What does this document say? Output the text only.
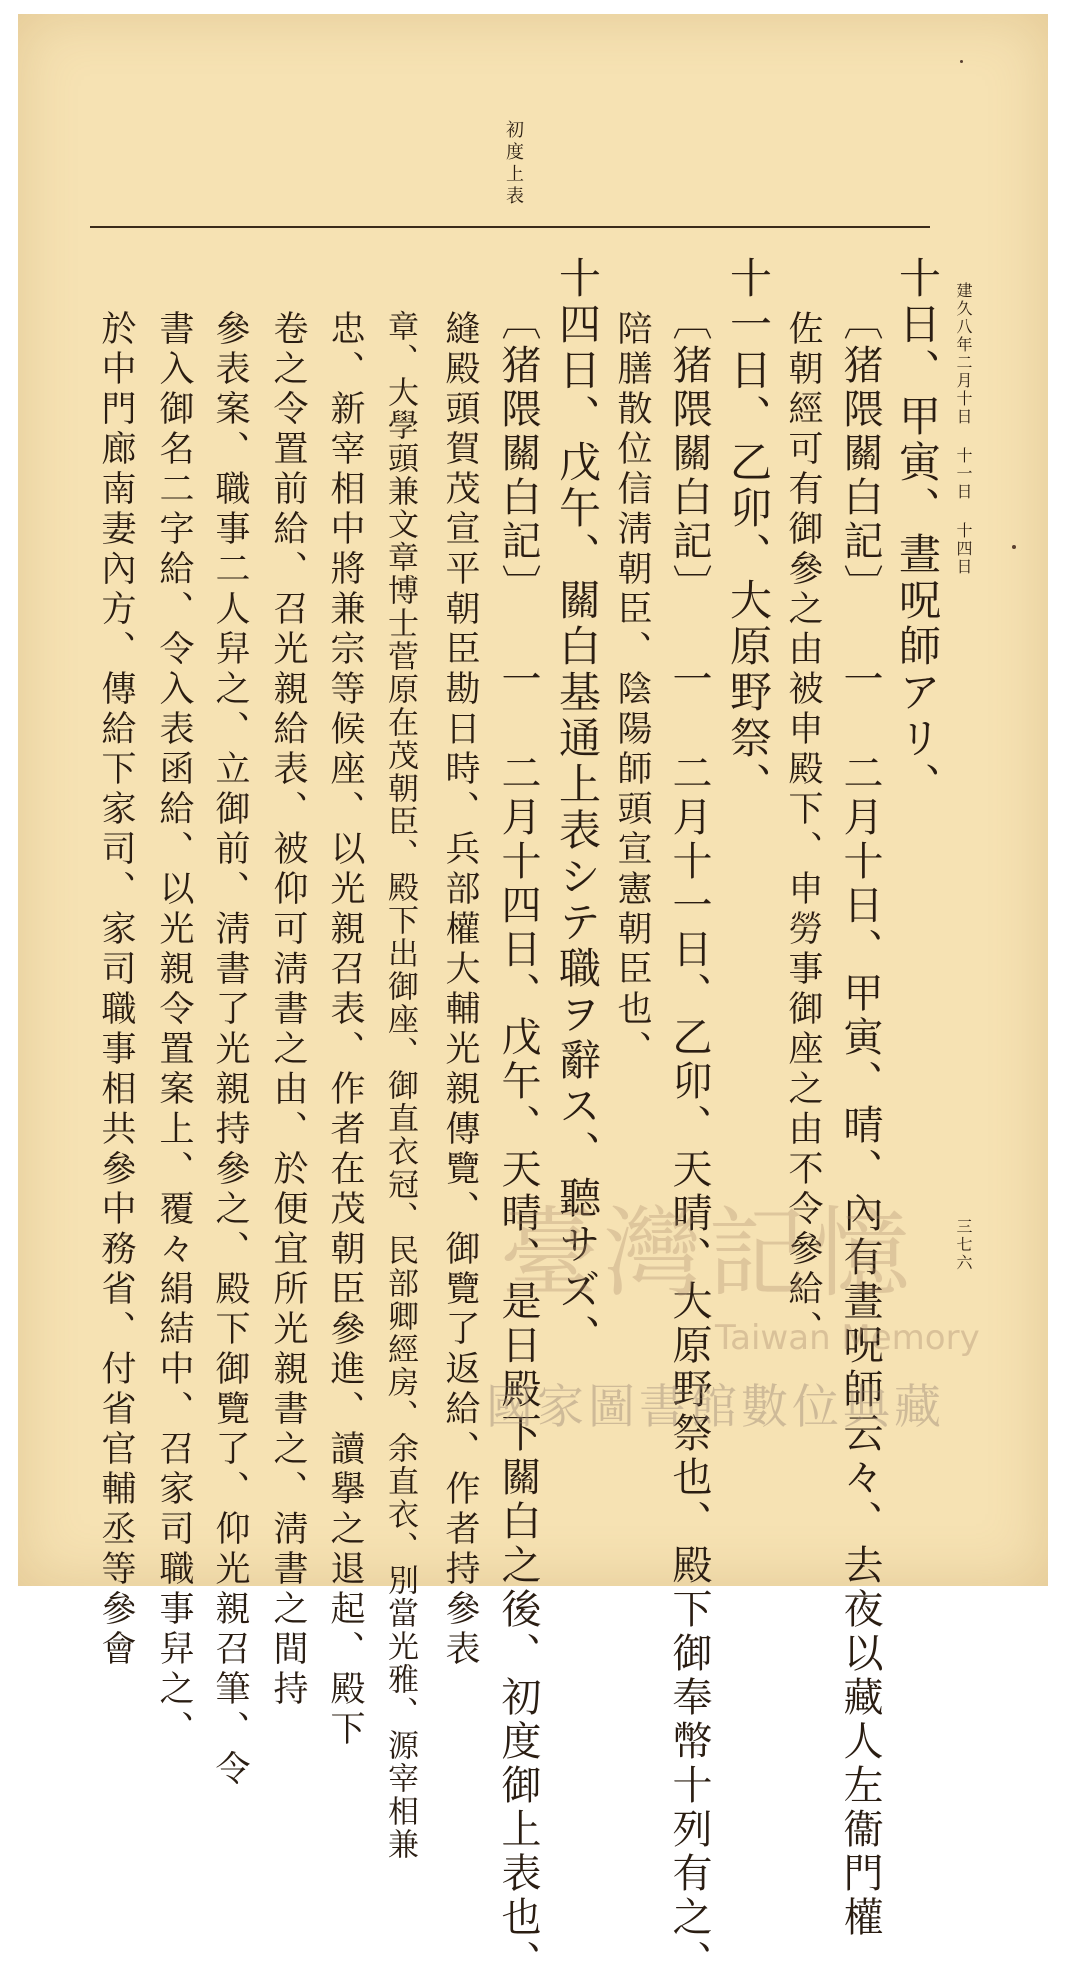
建久八年二月十日 十一日 十四日
三七六
初度上表
十日、甲寅、晝呪師アリ、
〔猪隈關白記〕 一 二月十日、甲寅、晴、內有晝呪師云々、去夜以藏人左衞門權
佐朝經可有御參之由被申殿下、申勞事御座之由不令參給、
十一日、乙卯、大原野祭、
〔猪隈關白記〕 一 二月十一日、乙卯、天晴、大原野祭也、殿下御奉幣十列有之、
陪膳散位信淸朝臣、陰陽師頭宣憲朝臣也、
十四日、戊午、關白基通上表シテ職ヲ辭ス、聽サズ、
〔猪隈關白記〕 一 二月十四日、戊午、天晴、是日殿下關白之後、初度御上表也、
縫殿頭賀茂宣平朝臣勘日時、兵部權大輔光親傳覽、御覽了返給、作者持參表
章、大學頭兼文章博士菅原在茂朝臣、殿下出御座、御直衣冠、民部卿經房、余直衣、別當光雅、源宰相兼
忠、新宰相中將兼宗等候座、以光親召表、作者在茂朝臣參進、讀擧之退起、殿下
卷之令置前給、召光親給表、被仰可淸書之由、於便宜所光親書之、淸書之間持
參表案、職事二人舁之、立御前、淸書了光親持參之、殿下御覽了、仰光親召筆、令
書入御名二字給、令入表函給、以光親令置案上、覆々絹結中、召家司職事舁之、
於中門廊南妻內方、傳給下家司、家司職事相共參中務省、付省官輔丞等參會	臺灣記憶
Taiwan Memory
國家圖書館數位典藏
